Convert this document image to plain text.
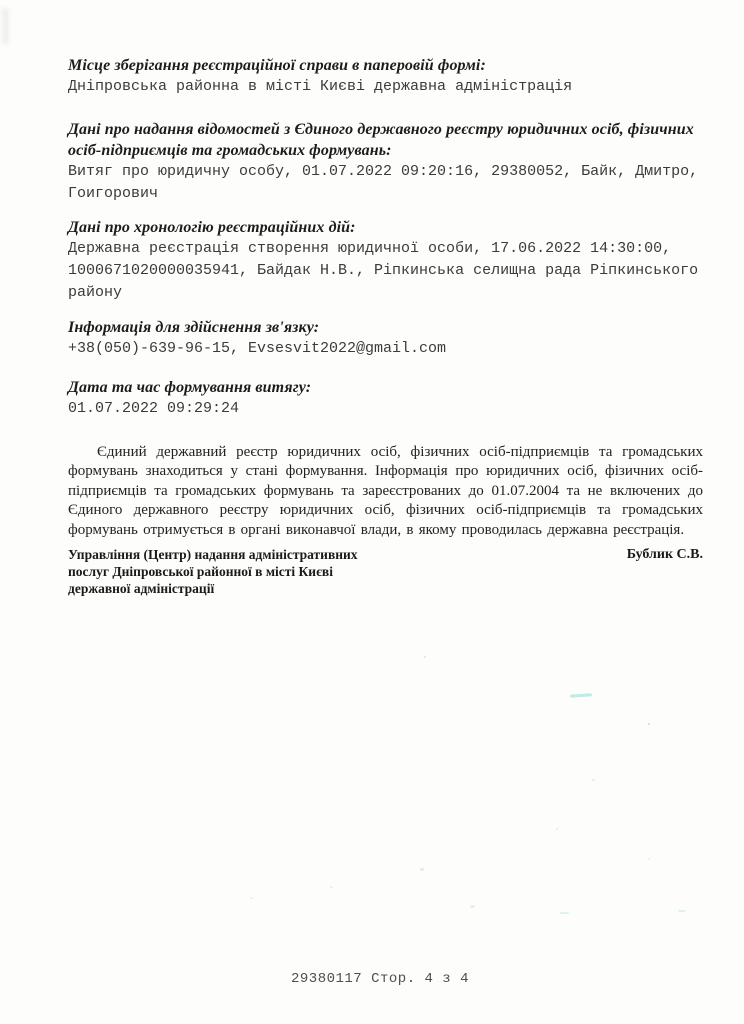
Місце зберігання реєстраційної справи в паперовій формі:

Дніпровська районна в місті Києві державна адміністрація

Дані про надання відомостей з Єдиного державного реєстру юридичних осіб, фізичних осіб-підприємців та громадських формувань:

Витяг про юридичну особу, 01.07.2022 09:20:16, 29380052, Байк, Дмитро, Гоигорович

Дані про хронологію реєстраційних дій:

Державна реєстрація створення юридичної особи, 17.06.2022 14:30:00, 1000671020000035941, Байдак Н.В., Ріпкинська селищна рада Ріпкинського району

Інформація для здійснення зв'язку:

+38(050)-639-96-15, Evsesvit2022@gmail.com

Дата та час формування витягу:

01.07.2022 09:29:24

Єдиний державний реєстр юридичних осіб, фізичних осіб-підприємців та громадських формувань знаходиться у стані формування. Інформація про юридичних осіб, фізичних осіб-підприємців та громадських формувань та зареєстрованих до 01.07.2004 та не включених до Єдиного державного реєстру юридичних осіб, фізичних осіб-підприємців та громадських формувань отримується в органі виконавчої влади, в якому проводилась державна реєстрація.

Управління (Центр) надання адміністративних послуг Дніпровської районної в місті Києві державної адміністрації

Бублик С.В.

29380117 Стор. 4 з 4
